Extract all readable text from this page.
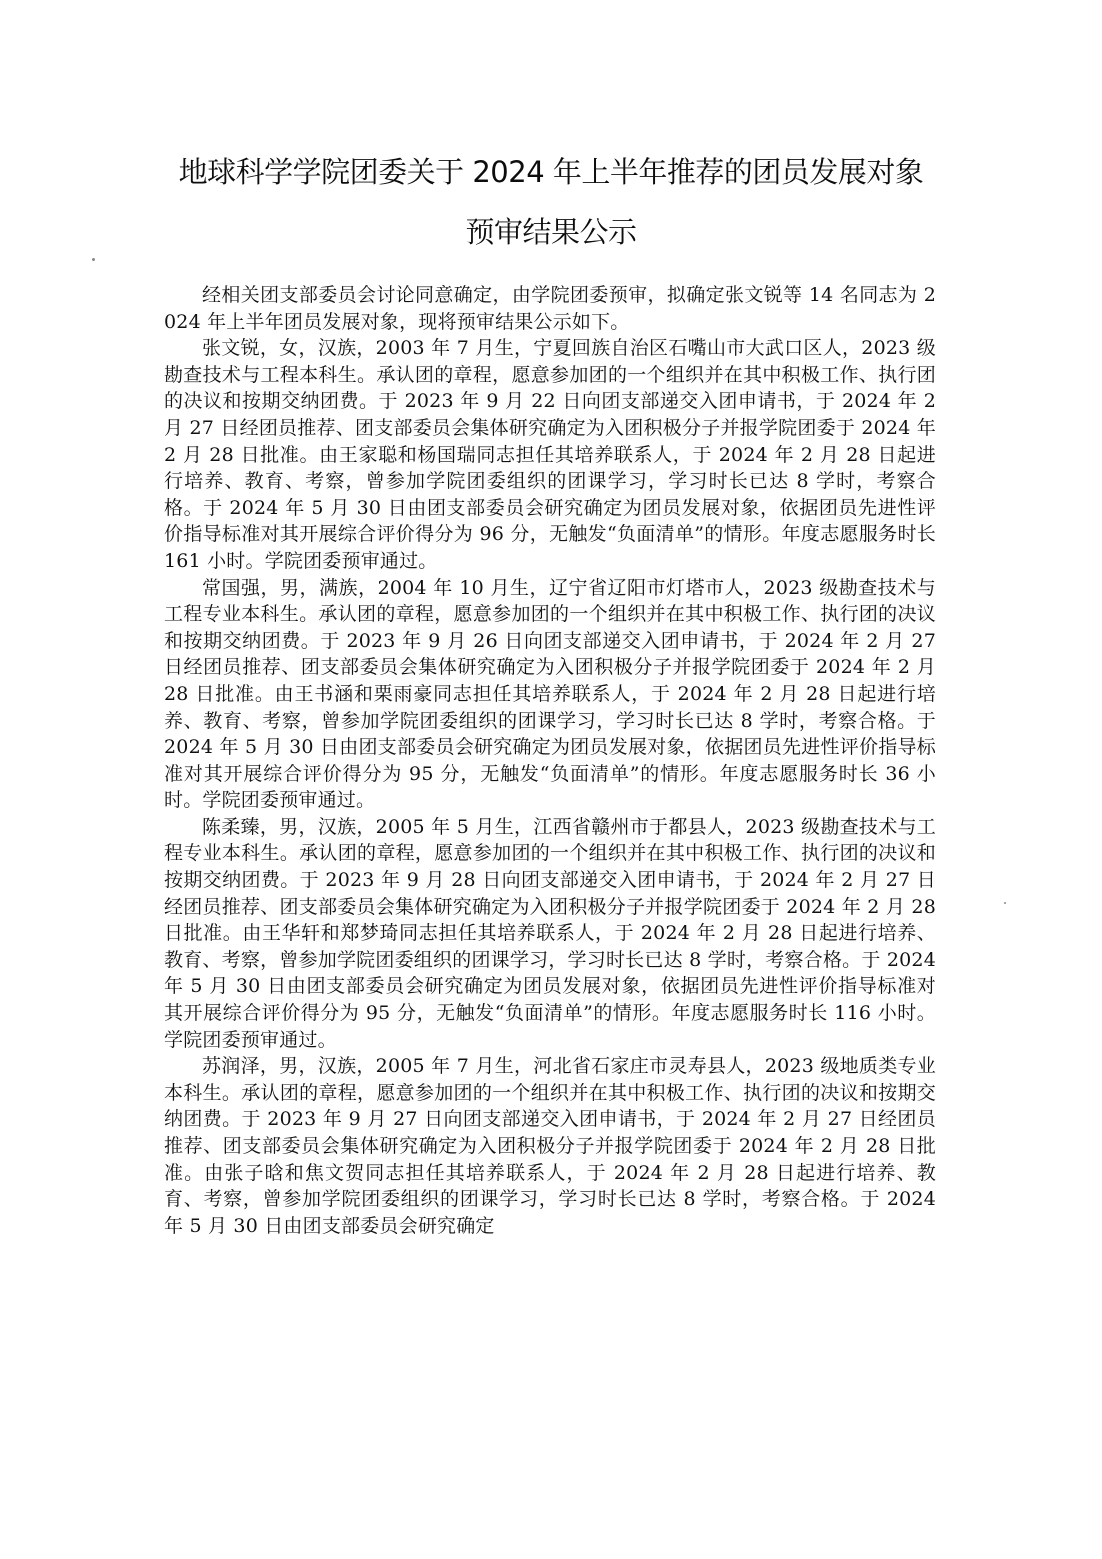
地球科学学院团委关于 2024 年上半年推荐的团员发展对象
预审结果公示

经相关团支部委员会讨论同意确定，由学院团委预审，拟确定张文锐等 14 名同志为 2024 年上半年团员发展对象，现将预审结果公示如下。

张文锐，女，汉族，2003 年 7 月生，宁夏回族自治区石嘴山市大武口区人，2023 级勘查技术与工程本科生。承认团的章程，愿意参加团的一个组织并在其中积极工作、执行团的决议和按期交纳团费。于 2023 年 9 月 22 日向团支部递交入团申请书，于 2024 年 2 月 27 日经团员推荐、团支部委员会集体研究确定为入团积极分子并报学院团委于 2024 年 2 月 28 日批准。由王家聪和杨国瑞同志担任其培养联系人，于 2024 年 2 月 28 日起进行培养、教育、考察，曾参加学院团委组织的团课学习，学习时长已达 8 学时，考察合格。于 2024 年 5 月 30 日由团支部委员会研究确定为团员发展对象，依据团员先进性评价指导标准对其开展综合评价得分为 96 分，无触发“负面清单”的情形。年度志愿服务时长 161 小时。学院团委预审通过。

常国强，男，满族，2004 年 10 月生，辽宁省辽阳市灯塔市人，2023 级勘查技术与工程专业本科生。承认团的章程，愿意参加团的一个组织并在其中积极工作、执行团的决议和按期交纳团费。于 2023 年 9 月 26 日向团支部递交入团申请书，于 2024 年 2 月 27 日经团员推荐、团支部委员会集体研究确定为入团积极分子并报学院团委于 2024 年 2 月 28 日批准。由王书涵和栗雨豪同志担任其培养联系人，于 2024 年 2 月 28 日起进行培养、教育、考察，曾参加学院团委组织的团课学习，学习时长已达 8 学时，考察合格。于 2024 年 5 月 30 日由团支部委员会研究确定为团员发展对象，依据团员先进性评价指导标准对其开展综合评价得分为 95 分，无触发“负面清单”的情形。年度志愿服务时长 36 小时。学院团委预审通过。

陈柔臻，男，汉族，2005 年 5 月生，江西省赣州市于都县人，2023 级勘查技术与工程专业本科生。承认团的章程，愿意参加团的一个组织并在其中积极工作、执行团的决议和按期交纳团费。于 2023 年 9 月 28 日向团支部递交入团申请书，于 2024 年 2 月 27 日经团员推荐、团支部委员会集体研究确定为入团积极分子并报学院团委于 2024 年 2 月 28 日批准。由王华轩和郑梦琦同志担任其培养联系人，于 2024 年 2 月 28 日起进行培养、教育、考察，曾参加学院团委组织的团课学习，学习时长已达 8 学时，考察合格。于 2024 年 5 月 30 日由团支部委员会研究确定为团员发展对象，依据团员先进性评价指导标准对其开展综合评价得分为 95 分，无触发“负面清单”的情形。年度志愿服务时长 116 小时。学院团委预审通过。

苏润泽，男，汉族，2005 年 7 月生，河北省石家庄市灵寿县人，2023 级地质类专业本科生。承认团的章程，愿意参加团的一个组织并在其中积极工作、执行团的决议和按期交纳团费。于 2023 年 9 月 27 日向团支部递交入团申请书，于 2024 年 2 月 27 日经团员推荐、团支部委员会集体研究确定为入团积极分子并报学院团委于 2024 年 2 月 28 日批准。由张子晗和焦文贺同志担任其培养联系人，于 2024 年 2 月 28 日起进行培养、教育、考察，曾参加学院团委组织的团课学习，学习时长已达 8 学时，考察合格。于 2024 年 5 月 30 日由团支部委员会研究确定
